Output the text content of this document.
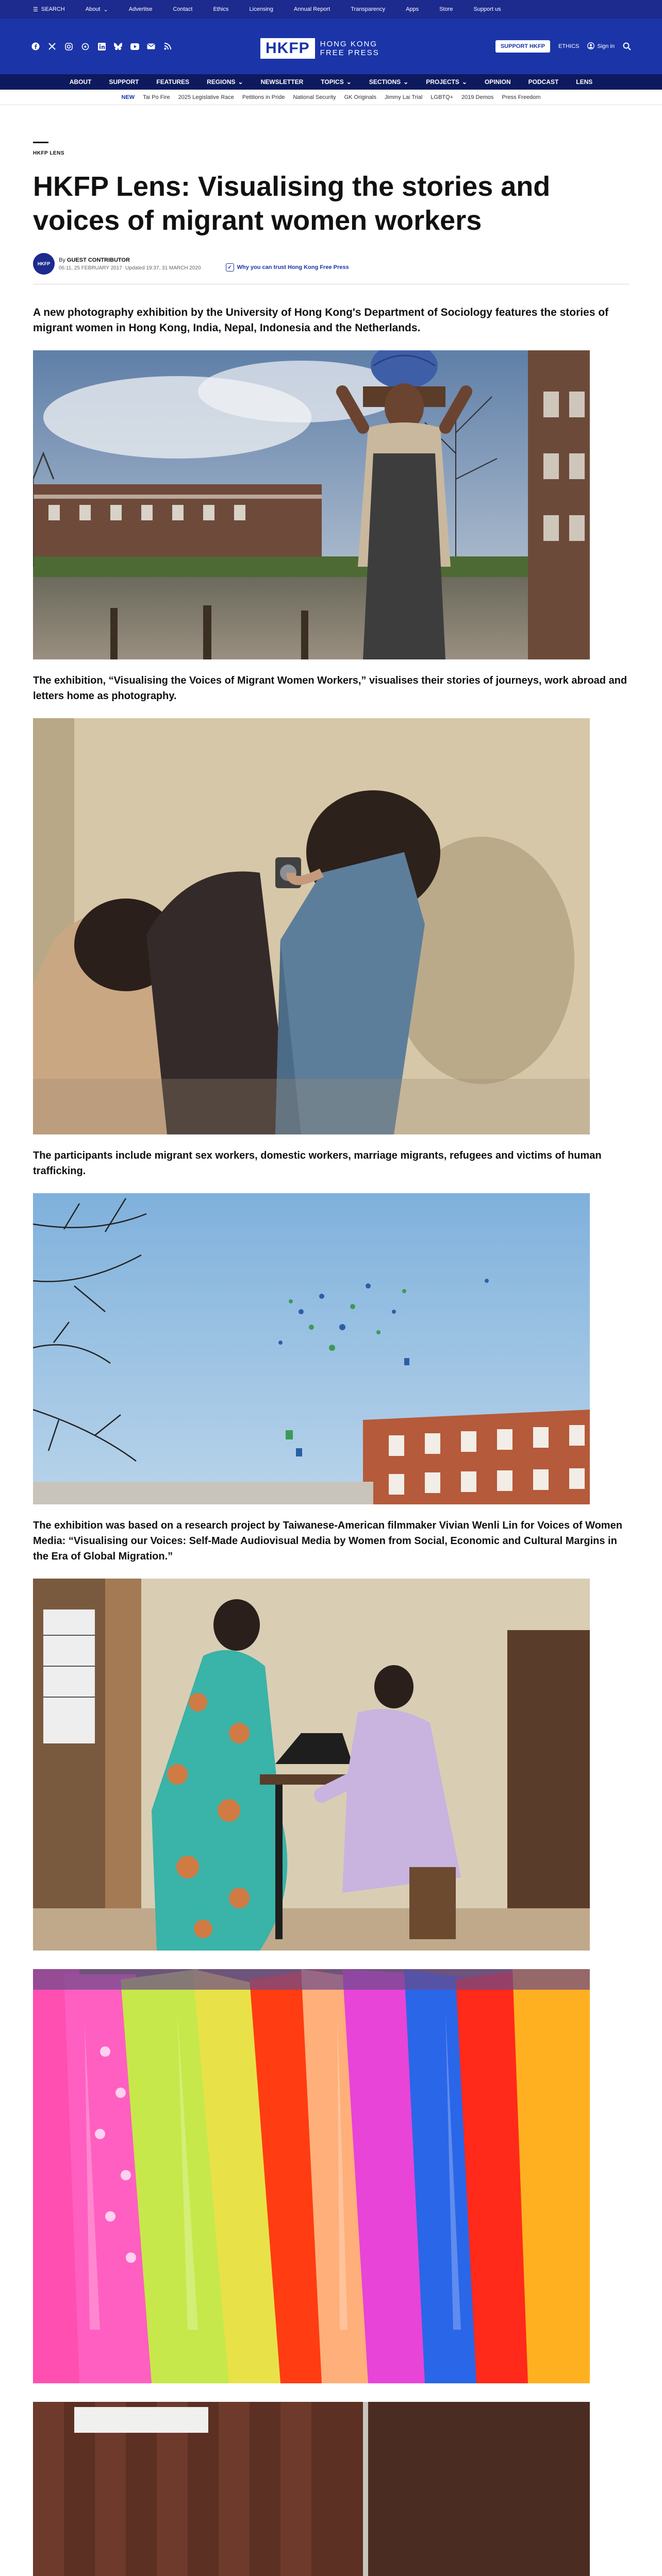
☰ SEARCH	About ⌄	Advertise	Contact	Ethics	Licensing	Annual Report	Transparency	Apps	Store	Support us
HKFP	HONG KONG
FREE PRESS
SUPPORT HKFP	ETHICS	Sign in
ABOUT	SUPPORT	FEATURES	REGIONS ⌄	NEWSLETTER	TOPICS ⌄	SECTIONS ⌄	PROJECTS ⌄	OPINION	PODCAST	LENS
NEW Tai Po Fire 2025 Legislative Race Petitions in Pride National Security GK Originals Jimmy Lai Trial LGBTQ+ 2019 Demos Press Freedom
HKFP LENS
HKFP Lens: Visualising the stories and voices of migrant women workers
HKFP
By GUEST CONTRIBUTOR
06:11, 25 FEBRUARY 2017 Updated 19:37, 31 MARCH 2020	✓ Why you can trust Hong Kong Free Press

A new photography exhibition by the University of Hong Kong's Department of Sociology features the stories of migrant women in Hong Kong, India, Nepal, Indonesia and the Netherlands.

The exhibition, “Visualising the Voices of Migrant Women Workers,” visualises their stories of journeys, work abroad and letters home as photography.

The participants include migrant sex workers, domestic workers, marriage migrants, refugees and victims of human trafficking.

The exhibition was based on a research project by Taiwanese-American filmmaker Vivian Wenli Lin for Voices of Women Media: “Visualising our Voices: Self-Made Audiovisual Media by Women from Social, Economic and Cultural Margins in the Era of Global Migration.”
